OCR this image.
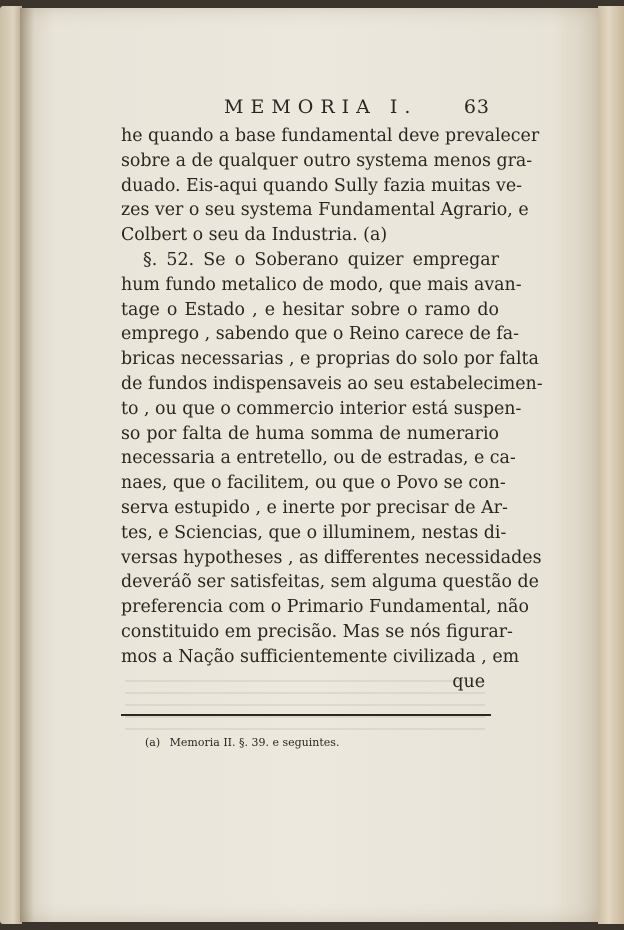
MEMORIA I. 63
he quando a base fundamental deve prevalecer
sobre a de qualquer outro systema menos gra-
duado. Eis-aqui quando Sully fazia muitas ve-
zes ver o seu systema Fundamental Agrario, e
Colbert o seu da Industria. (a)
§. 52. Se o Soberano quizer empregar
hum fundo metalico de modo, que mais avan-
tage o Estado , e hesitar sobre o ramo do
emprego , sabendo que o Reino carece de fa-
bricas necessarias , e proprias do solo por falta
de fundos indispensaveis ao seu estabelecimen-
to , ou que o commercio interior está suspen-
so por falta de huma somma de numerario
necessaria a entretello, ou de estradas, e ca-
naes, que o facilitem, ou que o Povo se con-
serva estupido , e inerte por precisar de Ar-
tes, e Sciencias, que o illuminem, nestas di-
versas hypotheses , as differentes necessidades
deveráõ ser satisfeitas, sem alguma questão de
preferencia com o Primario Fundamental, não
constituido em precisão. Mas se nós figurar-
mos a Nação sufficientemente civilizada , em
que
(a) Memoria II. §. 39. e seguintes.
